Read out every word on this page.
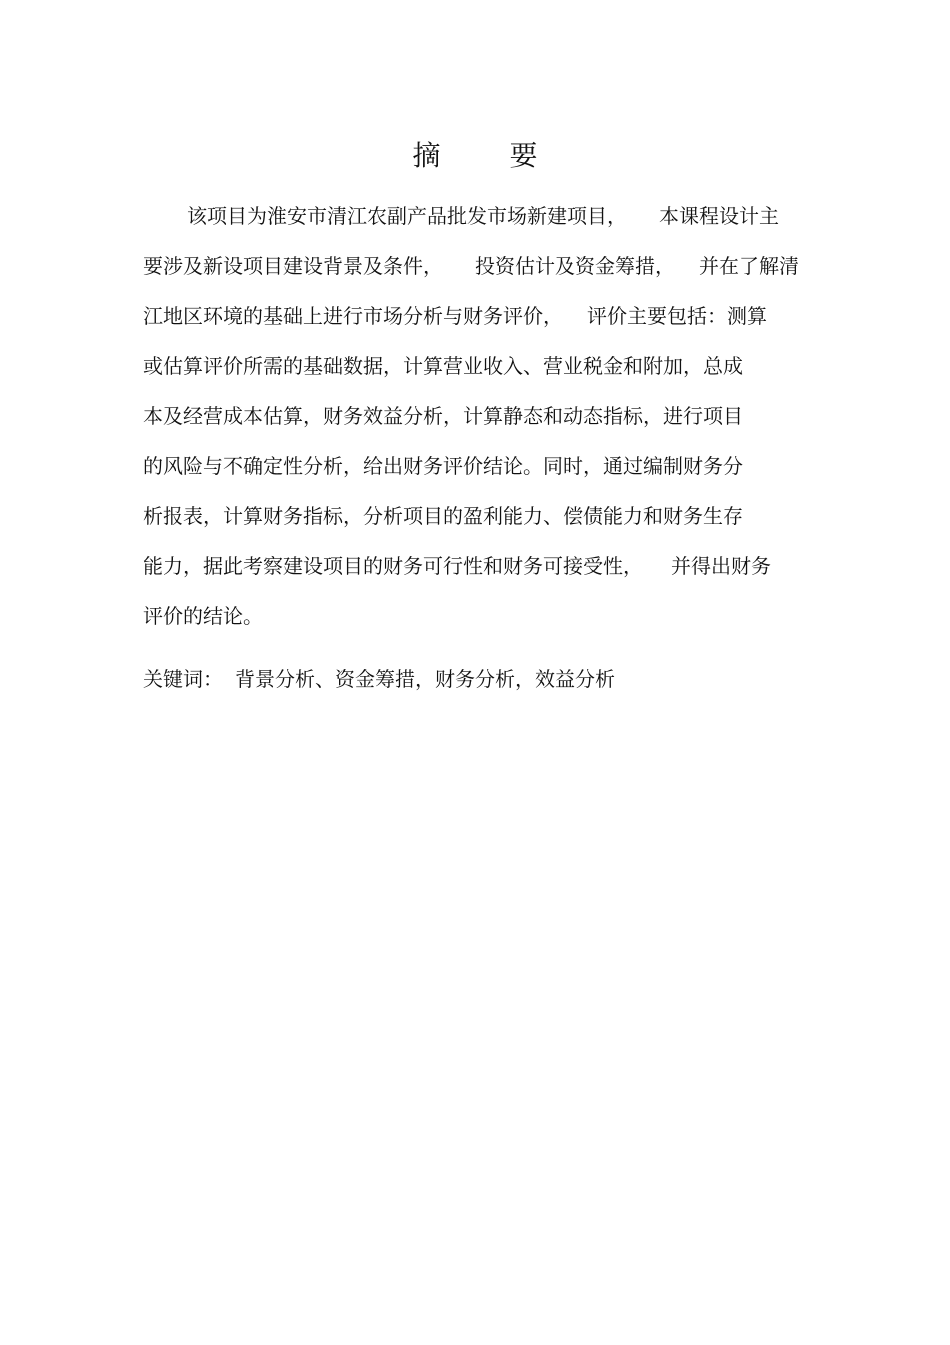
摘 要
该项目为淮安市清江农副产品批发市场新建项目， 本课程设计主
要涉及新设项目建设背景及条件， 投资估计及资金筹措， 并在了解清
江地区环境的基础上进行市场分析与财务评价， 评价主要包括：测算
或估算评价所需的基础数据，计算营业收入、营业税金和附加，总成
本及经营成本估算，财务效益分析，计算静态和动态指标，进行项目
的风险与不确定性分析，给出财务评价结论。同时，通过编制财务分
析报表，计算财务指标，分析项目的盈利能力、偿债能力和财务生存
能力，据此考察建设项目的财务可行性和财务可接受性， 并得出财务
评价的结论。
关键词： 背景分析、资金筹措，财务分析，效益分析
